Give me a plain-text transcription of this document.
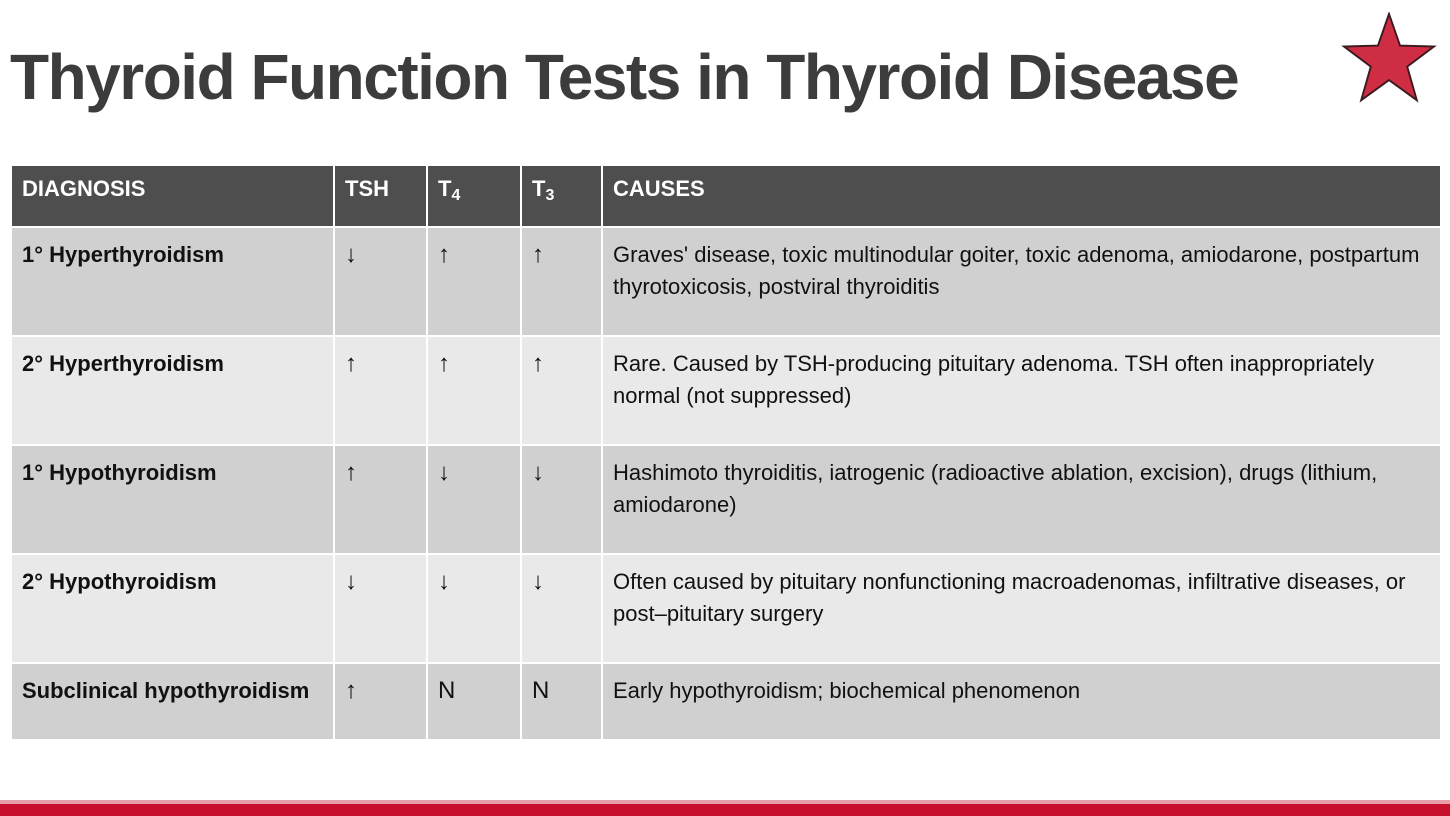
Thyroid Function Tests in Thyroid Disease
DIAGNOSIS	TSH	$T_4$	$T_3$	CAUSES
1° Hyperthyroidism	↓	↑	↑	Graves' disease, toxic multinodular goiter, toxic adenoma, amiodarone, postpartum thyrotoxicosis, postviral thyroiditis
2° Hyperthyroidism	↑	↑	↑	Rare. Caused by TSH-producing pituitary adenoma. TSH often inappropriately normal (not suppressed)
1° Hypothyroidism	↑	↓	↓	Hashimoto thyroiditis, iatrogenic (radioactive ablation, excision), drugs (lithium, amiodarone)
2° Hypothyroidism	↓	↓	↓	Often caused by pituitary nonfunctioning macroadenomas, infiltrative diseases, or post–pituitary surgery
Subclinical hypothyroidism	↑	N	N	Early hypothyroidism; biochemical phenomenon
